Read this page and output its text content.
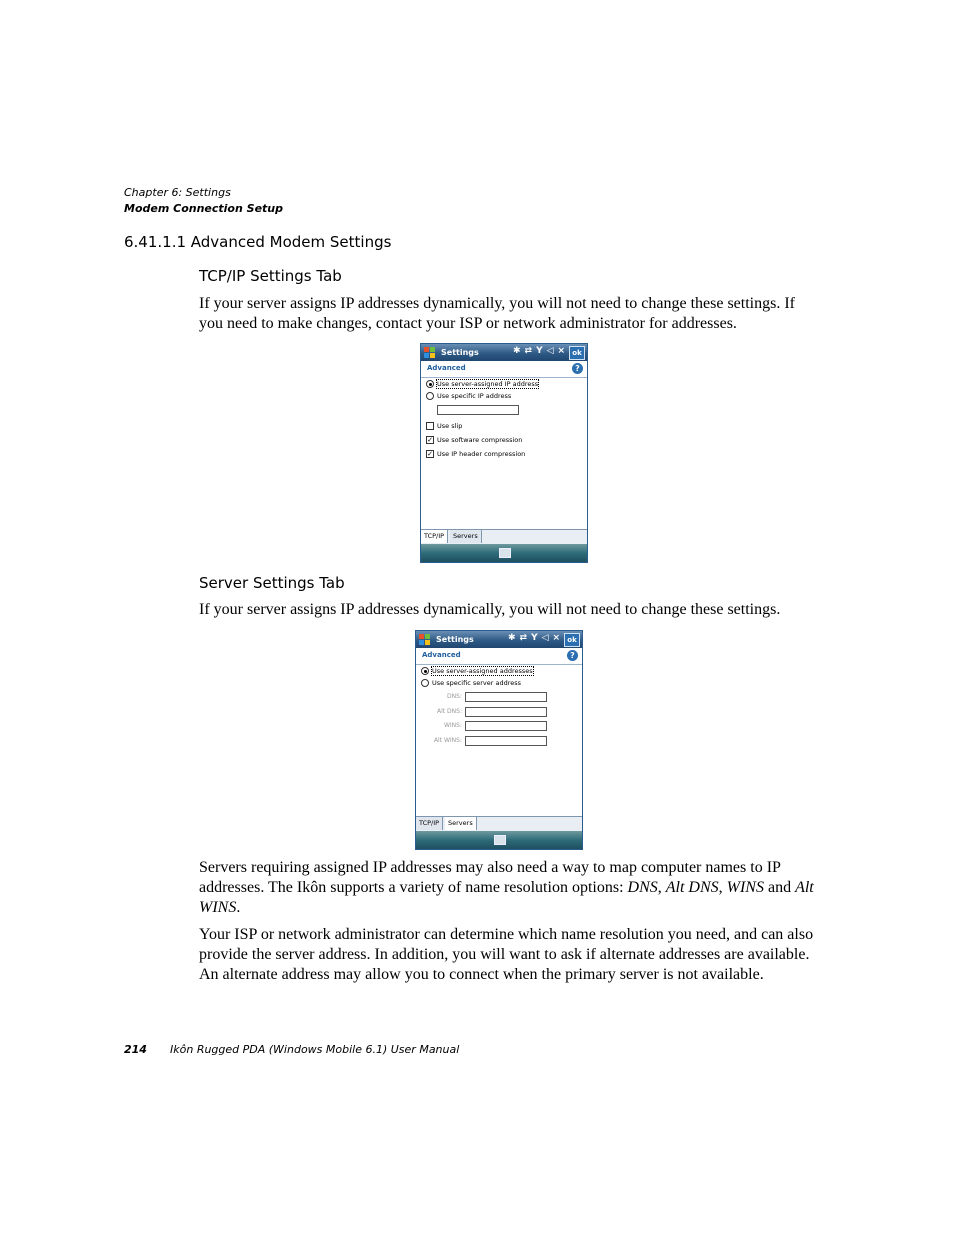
Chapter 6: Settings
Modem Connection Setup
6.41.1.1 Advanced Modem Settings
TCP/IP Settings Tab

If your server assigns IP addresses dynamically, you will not need to change these settings. If you need to make changes, contact your ISP or network administrator for addresses.

Settings	✱⇄Y◁× ok
Advanced	?
Use server-assigned IP address
Use specific IP address
Use slip
✓ Use software compression
✓ Use IP header compression
TCP/IP	Servers
Server Settings Tab

If your server assigns IP addresses dynamically, you will not need to change these settings.

Settings	✱⇄Y◁× ok
Advanced	?
Use server-assigned addresses
Use specific server address
DNS:
Alt DNS:
WINS:
Alt WINS:
TCP/IP	Servers

Servers requiring assigned IP addresses may also need a way to map computer names to IP addresses. The Ikôn supports a variety of name resolution options: DNS, Alt DNS, WINS and Alt WINS.

Your ISP or network administrator can determine which name resolution you need, and can also provide the server address. In addition, you will want to ask if alternate addresses are available. An alternate address may allow you to connect when the primary server is not available.

214 Ikôn Rugged PDA (Windows Mobile 6.1) User Manual
